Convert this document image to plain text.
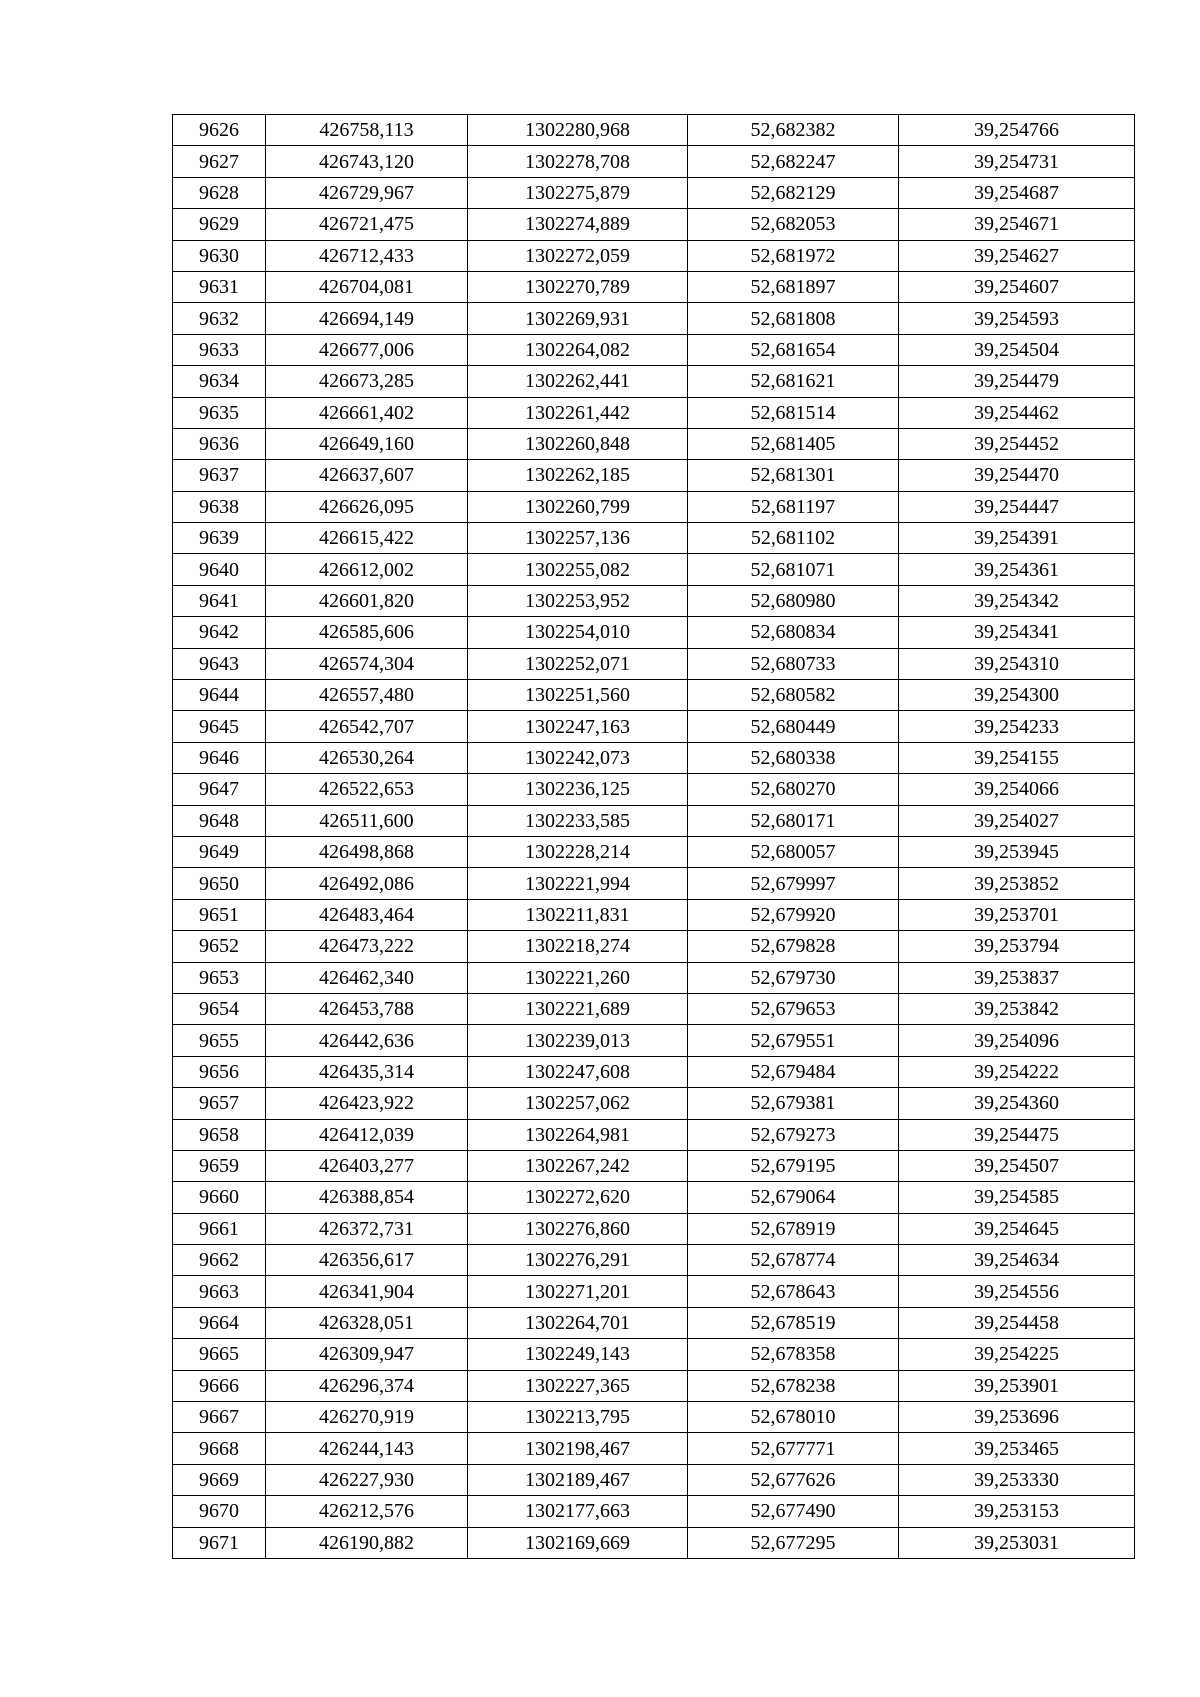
9626	426758,113	1302280,968	52,682382	39,254766
9627	426743,120	1302278,708	52,682247	39,254731
9628	426729,967	1302275,879	52,682129	39,254687
9629	426721,475	1302274,889	52,682053	39,254671
9630	426712,433	1302272,059	52,681972	39,254627
9631	426704,081	1302270,789	52,681897	39,254607
9632	426694,149	1302269,931	52,681808	39,254593
9633	426677,006	1302264,082	52,681654	39,254504
9634	426673,285	1302262,441	52,681621	39,254479
9635	426661,402	1302261,442	52,681514	39,254462
9636	426649,160	1302260,848	52,681405	39,254452
9637	426637,607	1302262,185	52,681301	39,254470
9638	426626,095	1302260,799	52,681197	39,254447
9639	426615,422	1302257,136	52,681102	39,254391
9640	426612,002	1302255,082	52,681071	39,254361
9641	426601,820	1302253,952	52,680980	39,254342
9642	426585,606	1302254,010	52,680834	39,254341
9643	426574,304	1302252,071	52,680733	39,254310
9644	426557,480	1302251,560	52,680582	39,254300
9645	426542,707	1302247,163	52,680449	39,254233
9646	426530,264	1302242,073	52,680338	39,254155
9647	426522,653	1302236,125	52,680270	39,254066
9648	426511,600	1302233,585	52,680171	39,254027
9649	426498,868	1302228,214	52,680057	39,253945
9650	426492,086	1302221,994	52,679997	39,253852
9651	426483,464	1302211,831	52,679920	39,253701
9652	426473,222	1302218,274	52,679828	39,253794
9653	426462,340	1302221,260	52,679730	39,253837
9654	426453,788	1302221,689	52,679653	39,253842
9655	426442,636	1302239,013	52,679551	39,254096
9656	426435,314	1302247,608	52,679484	39,254222
9657	426423,922	1302257,062	52,679381	39,254360
9658	426412,039	1302264,981	52,679273	39,254475
9659	426403,277	1302267,242	52,679195	39,254507
9660	426388,854	1302272,620	52,679064	39,254585
9661	426372,731	1302276,860	52,678919	39,254645
9662	426356,617	1302276,291	52,678774	39,254634
9663	426341,904	1302271,201	52,678643	39,254556
9664	426328,051	1302264,701	52,678519	39,254458
9665	426309,947	1302249,143	52,678358	39,254225
9666	426296,374	1302227,365	52,678238	39,253901
9667	426270,919	1302213,795	52,678010	39,253696
9668	426244,143	1302198,467	52,677771	39,253465
9669	426227,930	1302189,467	52,677626	39,253330
9670	426212,576	1302177,663	52,677490	39,253153
9671	426190,882	1302169,669	52,677295	39,253031
